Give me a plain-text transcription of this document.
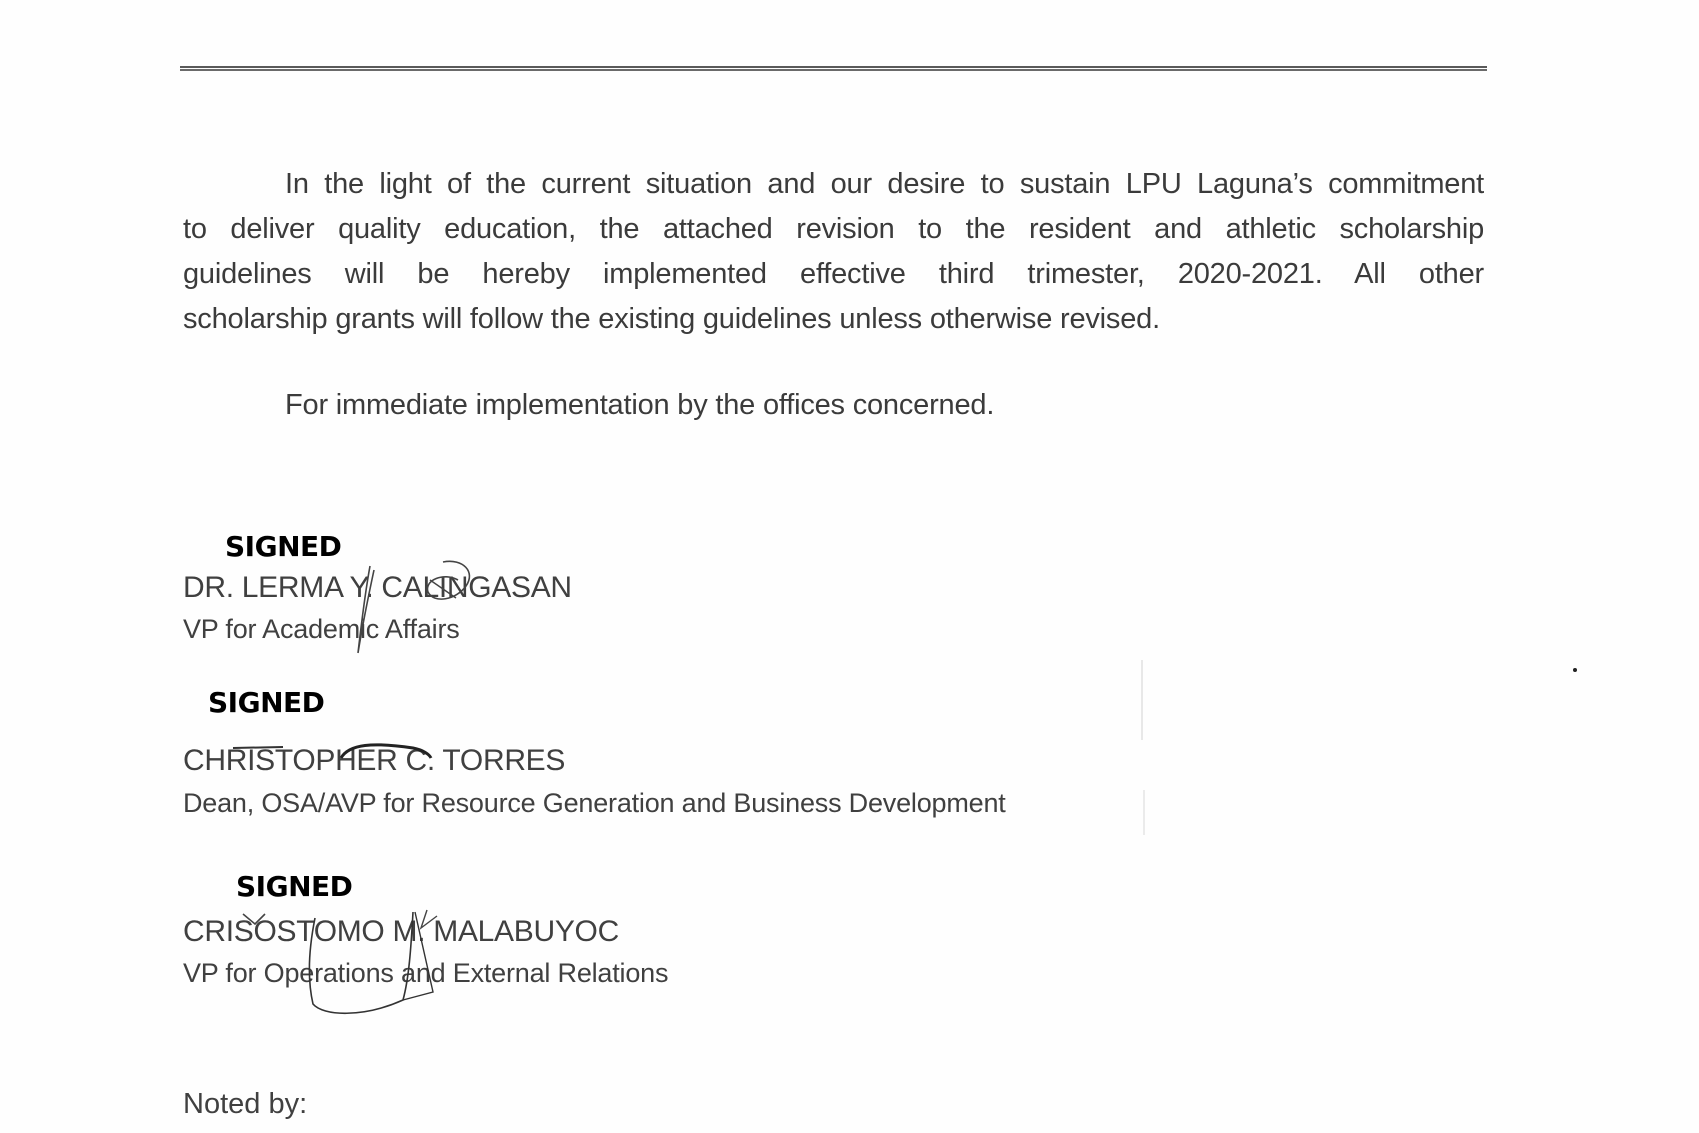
In the light of the current situation and our desire to sustain LPU Laguna’s commitment
to deliver quality education, the attached revision to the resident and athletic scholarship
guidelines will be hereby implemented effective third trimester, 2020-2021. All other
scholarship grants will follow the existing guidelines unless otherwise revised.
For immediate implementation by the offices concerned.
SIGNED
DR. LERMA Y. CALINGASAN
VP for Academic Affairs
SIGNED
CHRISTOPHER C. TORRES
Dean, OSA/AVP for Resource Generation and Business Development
SIGNED
CRISOSTOMO M. MALABUYOC
VP for Operations and External Relations
Noted by:
